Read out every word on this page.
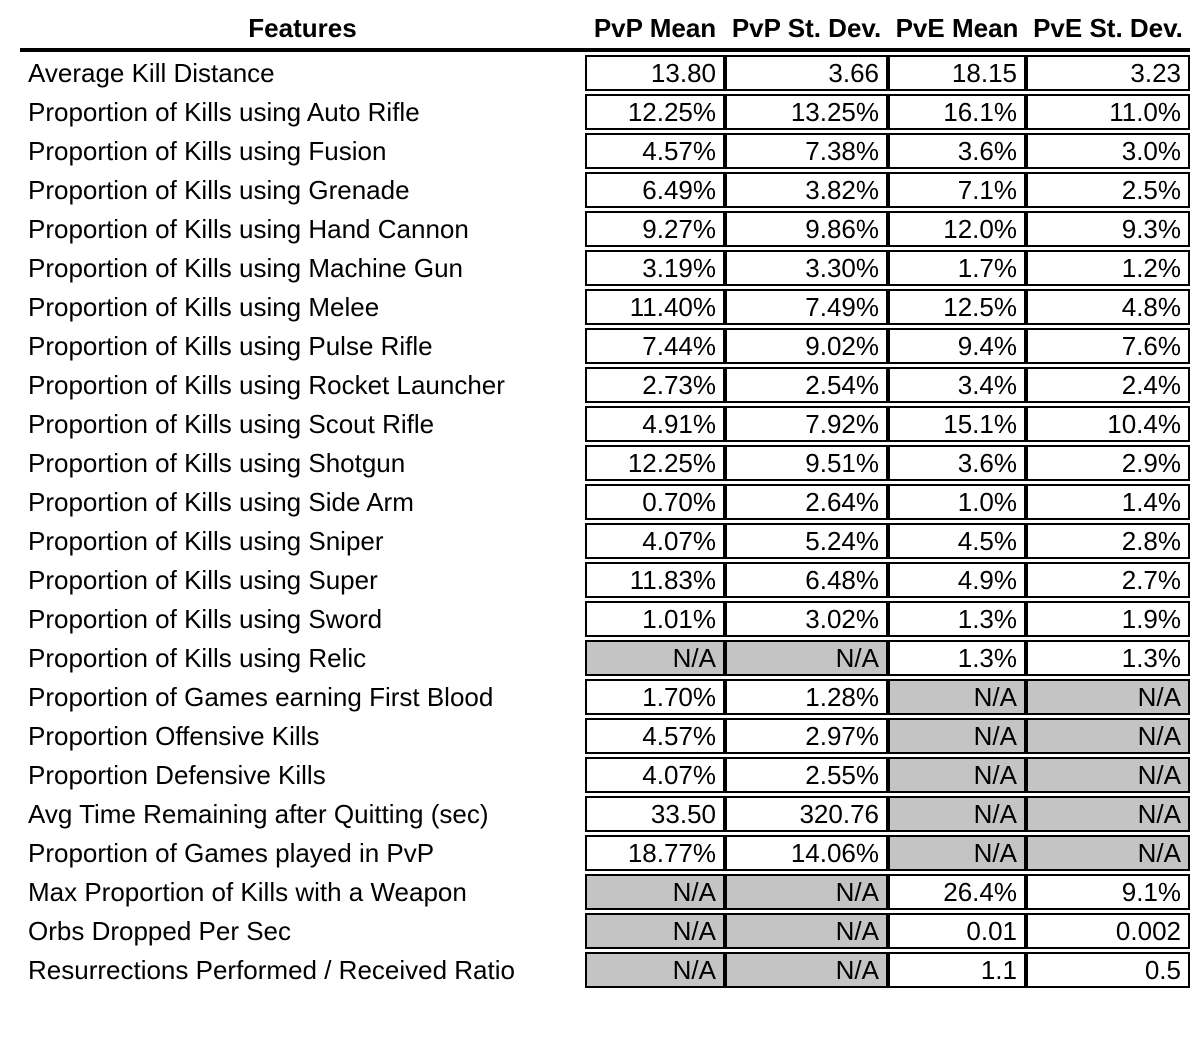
Features	PvP Mean	PvP St. Dev.	PvE Mean	PvE St. Dev.
Average Kill Distance	13.80	3.66	18.15	3.23
Proportion of Kills using Auto Rifle	12.25%	13.25%	16.1%	11.0%
Proportion of Kills using Fusion	4.57%	7.38%	3.6%	3.0%
Proportion of Kills using Grenade	6.49%	3.82%	7.1%	2.5%
Proportion of Kills using Hand Cannon	9.27%	9.86%	12.0%	9.3%
Proportion of Kills using Machine Gun	3.19%	3.30%	1.7%	1.2%
Proportion of Kills using Melee	11.40%	7.49%	12.5%	4.8%
Proportion of Kills using Pulse Rifle	7.44%	9.02%	9.4%	7.6%
Proportion of Kills using Rocket Launcher	2.73%	2.54%	3.4%	2.4%
Proportion of Kills using Scout Rifle	4.91%	7.92%	15.1%	10.4%
Proportion of Kills using Shotgun	12.25%	9.51%	3.6%	2.9%
Proportion of Kills using Side Arm	0.70%	2.64%	1.0%	1.4%
Proportion of Kills using Sniper	4.07%	5.24%	4.5%	2.8%
Proportion of Kills using Super	11.83%	6.48%	4.9%	2.7%
Proportion of Kills using Sword	1.01%	3.02%	1.3%	1.9%
Proportion of Kills using Relic	N/A	N/A	1.3%	1.3%
Proportion of Games earning First Blood	1.70%	1.28%	N/A	N/A
Proportion Offensive Kills	4.57%	2.97%	N/A	N/A
Proportion Defensive Kills	4.07%	2.55%	N/A	N/A
Avg Time Remaining after Quitting (sec)	33.50	320.76	N/A	N/A
Proportion of Games played in PvP	18.77%	14.06%	N/A	N/A
Max Proportion of Kills with a Weapon	N/A	N/A	26.4%	9.1%
Orbs Dropped Per Sec	N/A	N/A	0.01	0.002
Resurrections Performed / Received Ratio	N/A	N/A	1.1	0.5
